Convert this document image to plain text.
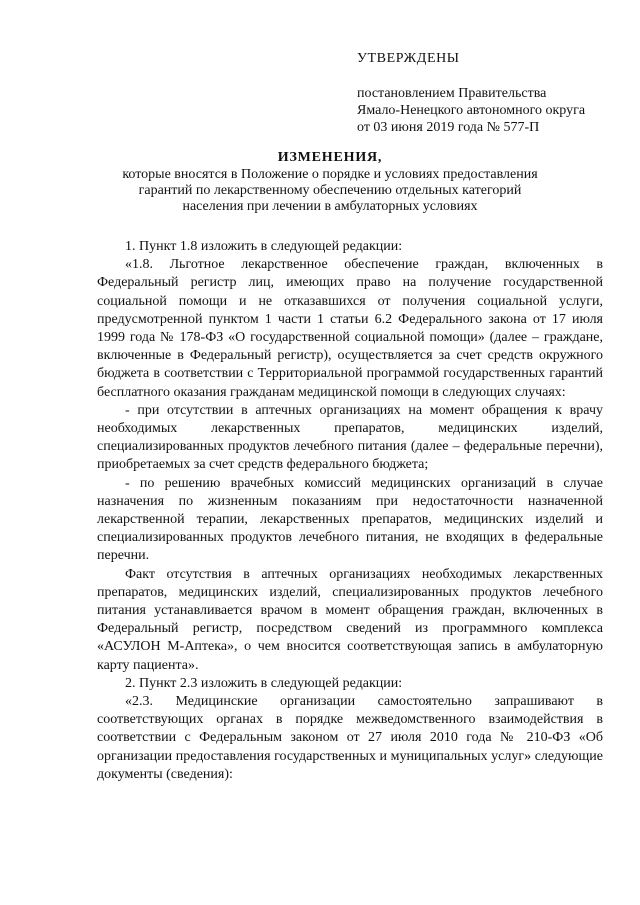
УТВЕРЖДЕНЫ
постановлением Правительства
Ямало-Ненецкого автономного округа
от 03 июня 2019 года № 577-П
ИЗМЕНЕНИЯ,
которые вносятся в Положение о порядке и условиях предоставления
гарантий по лекарственному обеспечению отдельных категорий
населения при лечении в амбулаторных условиях

1. Пункт 1.8 изложить в следующей редакции:

«1.8. Льготное лекарственное обеспечение граждан, включенных в Федеральный регистр лиц, имеющих право на получение государственной социальной помощи и не отказавшихся от получения социальной услуги, предусмотренной пунктом 1 части 1 статьи 6.2 Федерального закона от 17 июля 1999 года № 178-ФЗ «О государственной социальной помощи» (далее – граждане, включенные в Федеральный регистр), осуществляется за счет средств окружного бюджета в соответствии с Территориальной программой государственных гарантий бесплатного оказания гражданам медицинской помощи в следующих случаях:

- при отсутствии в аптечных организациях на момент обращения к врачу необходимых лекарственных препаратов, медицинских изделий, специализированных продуктов лечебного питания (далее – федеральные перечни), приобретаемых за счет средств федерального бюджета;

- по решению врачебных комиссий медицинских организаций в случае назначения по жизненным показаниям при недостаточности назначенной лекарственной терапии, лекарственных препаратов, медицинских изделий и специализированных продуктов лечебного питания, не входящих в федеральные перечни.

Факт отсутствия в аптечных организациях необходимых лекарственных препаратов, медицинских изделий, специализированных продуктов лечебного питания устанавливается врачом в момент обращения граждан, включенных в Федеральный регистр, посредством сведений из программного комплекса «АСУЛОН М-Аптека», о чем вносится соответствующая запись в амбулаторную карту пациента».

2. Пункт 2.3 изложить в следующей редакции:

«2.3. Медицинские организации самостоятельно запрашивают в соответствующих органах в порядке межведомственного взаимодействия в соответствии с Федеральным законом от 27 июля 2010 года № 210-ФЗ «Об организации предоставления государственных и муниципальных услуг» следующие документы (сведения):
